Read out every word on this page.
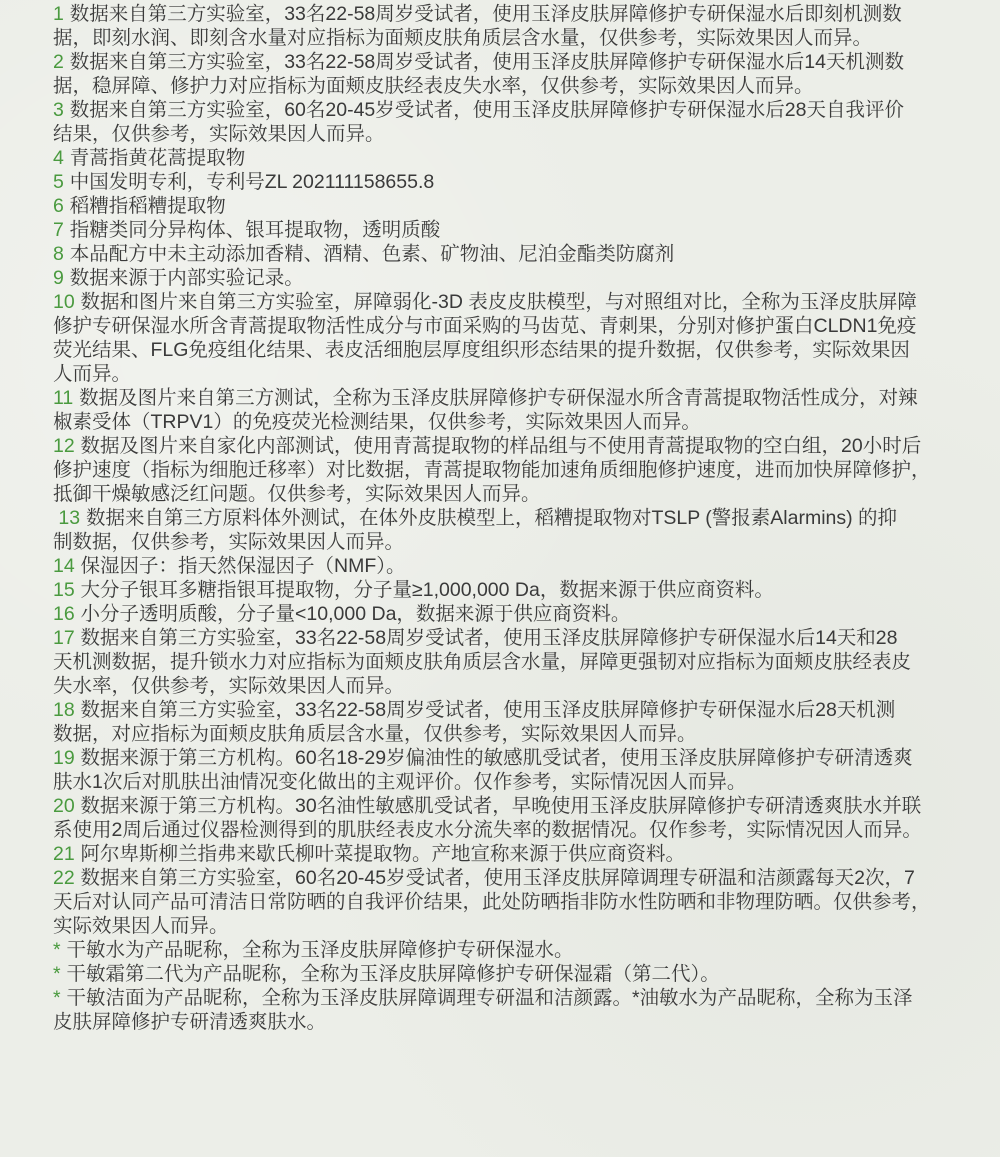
1 数据来自第三方实验室，33名22-58周岁受试者，使用玉泽皮肤屏障修护专研保湿水后即刻机测数
据，即刻水润、即刻含水量对应指标为面颊皮肤角质层含水量，仅供参考，实际效果因人而异。
2 数据来自第三方实验室，33名22-58周岁受试者，使用玉泽皮肤屏障修护专研保湿水后14天机测数
据，稳屏障、修护力对应指标为面颊皮肤经表皮失水率，仅供参考，实际效果因人而异。
3 数据来自第三方实验室，60名20-45岁受试者，使用玉泽皮肤屏障修护专研保湿水后28天自我评价
结果，仅供参考，实际效果因人而异。
4 青蒿指黄花蒿提取物
5 中国发明专利，专利号ZL 202111158655.8
6 稻糟指稻糟提取物
7 指糖类同分异构体、银耳提取物，透明质酸
8 本品配方中未主动添加香精、酒精、色素、矿物油、尼泊金酯类防腐剂
9 数据来源于内部实验记录。
10 数据和图片来自第三方实验室，屏障弱化-3D 表皮皮肤模型，与对照组对比，全称为玉泽皮肤屏障
修护专研保湿水所含青蒿提取物活性成分与市面采购的马齿苋、青刺果，分别对修护蛋白CLDN1免疫
荧光结果、FLG免疫组化结果、表皮活细胞层厚度组织形态结果的提升数据，仅供参考，实际效果因
人而异。
11 数据及图片来自第三方测试，全称为玉泽皮肤屏障修护专研保湿水所含青蒿提取物活性成分，对辣
椒素受体（TRPV1）的免疫荧光检测结果，仅供参考，实际效果因人而异。
12 数据及图片来自家化内部测试，使用青蒿提取物的样品组与不使用青蒿提取物的空白组，20小时后
修护速度（指标为细胞迁移率）对比数据，青蒿提取物能加速角质细胞修护速度，进而加快屏障修护，
抵御干燥敏感泛红问题。仅供参考，实际效果因人而异。
13 数据来自第三方原料体外测试，在体外皮肤模型上，稻糟提取物对TSLP (警报素Alarmins) 的抑
制数据，仅供参考，实际效果因人而异。
14 保湿因子：指天然保湿因子（NMF）。
15 大分子银耳多糖指银耳提取物，分子量≥1,000,000 Da，数据来源于供应商资料。
16 小分子透明质酸，分子量<10,000 Da，数据来源于供应商资料。
17 数据来自第三方实验室，33名22-58周岁受试者，使用玉泽皮肤屏障修护专研保湿水后14天和28
天机测数据，提升锁水力对应指标为面颊皮肤角质层含水量，屏障更强韧对应指标为面颊皮肤经表皮
失水率，仅供参考，实际效果因人而异。
18 数据来自第三方实验室，33名22-58周岁受试者，使用玉泽皮肤屏障修护专研保湿水后28天机测
数据，对应指标为面颊皮肤角质层含水量，仅供参考，实际效果因人而异。
19 数据来源于第三方机构。60名18-29岁偏油性的敏感肌受试者，使用玉泽皮肤屏障修护专研清透爽
肤水1次后对肌肤出油情况变化做出的主观评价。仅作参考，实际情况因人而异。
20 数据来源于第三方机构。30名油性敏感肌受试者，早晚使用玉泽皮肤屏障修护专研清透爽肤水并联
系使用2周后通过仪器检测得到的肌肤经表皮水分流失率的数据情况。仅作参考，实际情况因人而异。
21 阿尔卑斯柳兰指弗来歇氏柳叶菜提取物。产地宣称来源于供应商资料。
22 数据来自第三方实验室，60名20-45岁受试者，使用玉泽皮肤屏障调理专研温和洁颜露每天2次，7
天后对认同产品可清洁日常防晒的自我评价结果，此处防晒指非防水性防晒和非物理防晒。仅供参考，
实际效果因人而异。
* 干敏水为产品昵称，全称为玉泽皮肤屏障修护专研保湿水。
* 干敏霜第二代为产品昵称，全称为玉泽皮肤屏障修护专研保湿霜（第二代）。
* 干敏洁面为产品昵称，全称为玉泽皮肤屏障调理专研温和洁颜露。*油敏水为产品昵称，全称为玉泽
皮肤屏障修护专研清透爽肤水。
